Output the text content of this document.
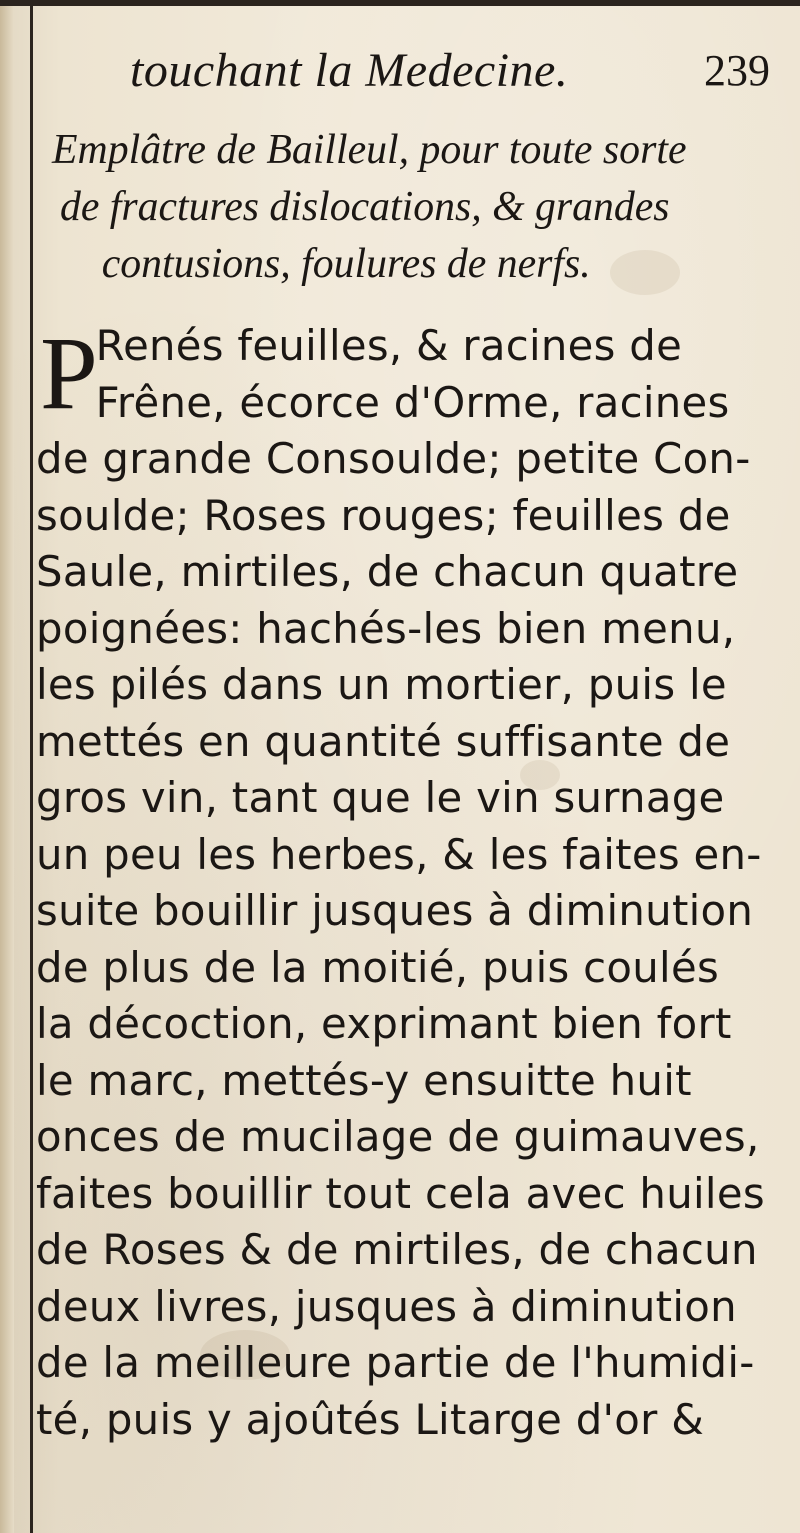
touchant la Medecine.	239
Emplâtre de Bailleul, pour toute sorte
de fractures dislocations, & grandes
contusions, foulures de nerfs.
P
Renés feuilles, & racines de
Frêne, écorce d'Orme, racines
de grande Consoulde; petite Con-
soulde; Roses rouges; feuilles de
Saule, mirtiles, de chacun quatre
poignées: hachés-les bien menu,
les pilés dans un mortier, puis le
mettés en quantité suffisante de
gros vin, tant que le vin surnage
un peu les herbes, & les faites en-
suite bouillir jusques à diminution
de plus de la moitié, puis coulés
la décoction, exprimant bien fort
le marc, mettés-y ensuitte huit
onces de mucilage de guimauves,
faites bouillir tout cela avec huiles
de Roses & de mirtiles, de chacun
deux livres, jusques à diminution
de la meilleure partie de l'humidi-
té, puis y ajoûtés Litarge d'or &
